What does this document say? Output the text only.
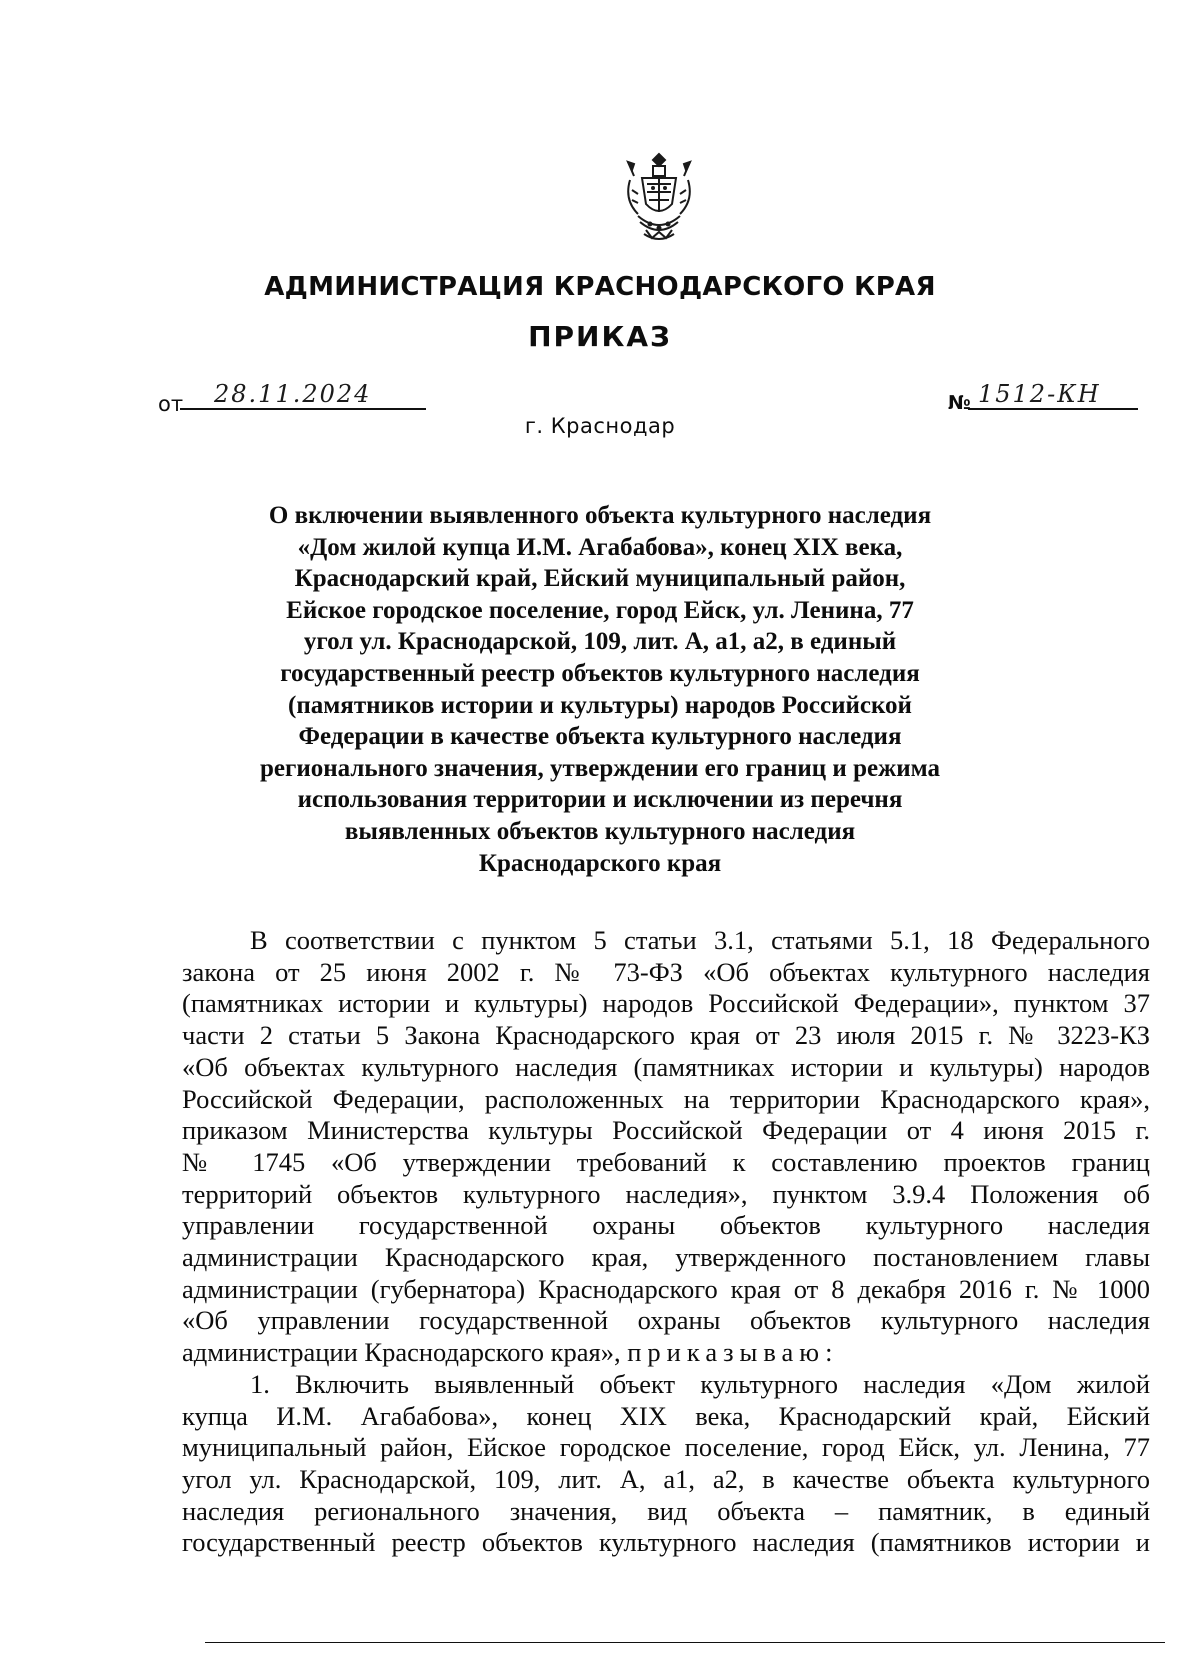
АДМИНИСТРАЦИЯ КРАСНОДАРСКОГО КРАЯ
ПРИКАЗ
от 28.11.2024	№ 1512-КН
г. Краснодар
О включении выявленного объекта культурного наследия
«Дом жилой купца И.М. Агабабова», конец XIX века,
Краснодарский край, Ейский муниципальный район,
Ейское городское поселение, город Ейск, ул. Ленина, 77
угол ул. Краснодарской, 109, лит. А, а1, а2, в единый
государственный реестр объектов культурного наследия
(памятников истории и культуры) народов Российской
Федерации в качестве объекта культурного наследия
регионального значения, утверждении его границ и режима
использования территории и исключении из перечня
выявленных объектов культурного наследия
Краснодарского края
В соответствии с пунктом 5 статьи 3.1, статьями 5.1, 18 Федерального
закона от 25 июня 2002 г. № 73-ФЗ «Об объектах культурного наследия
(памятниках истории и культуры) народов Российской Федерации», пунктом 37
части 2 статьи 5 Закона Краснодарского края от 23 июля 2015 г. № 3223-КЗ
«Об объектах культурного наследия (памятниках истории и культуры) народов
Российской Федерации, расположенных на территории Краснодарского края»,
приказом Министерства культуры Российской Федерации от 4 июня 2015 г.
№ 1745 «Об утверждении требований к составлению проектов границ
территорий объектов культурного наследия», пунктом 3.9.4 Положения об
управлении государственной охраны объектов культурного наследия
администрации Краснодарского края, утвержденного постановлением главы
администрации (губернатора) Краснодарского края от 8 декабря 2016 г. № 1000
«Об управлении государственной охраны объектов культурного наследия
администрации Краснодарского края», приказываю:
1. Включить выявленный объект культурного наследия «Дом жилой
купца И.М. Агабабова», конец XIX века, Краснодарский край, Ейский
муниципальный район, Ейское городское поселение, город Ейск, ул. Ленина, 77
угол ул. Краснодарской, 109, лит. А, а1, а2, в качестве объекта культурного
наследия регионального значения, вид объекта – памятник, в единый
государственный реестр объектов культурного наследия (памятников истории и
